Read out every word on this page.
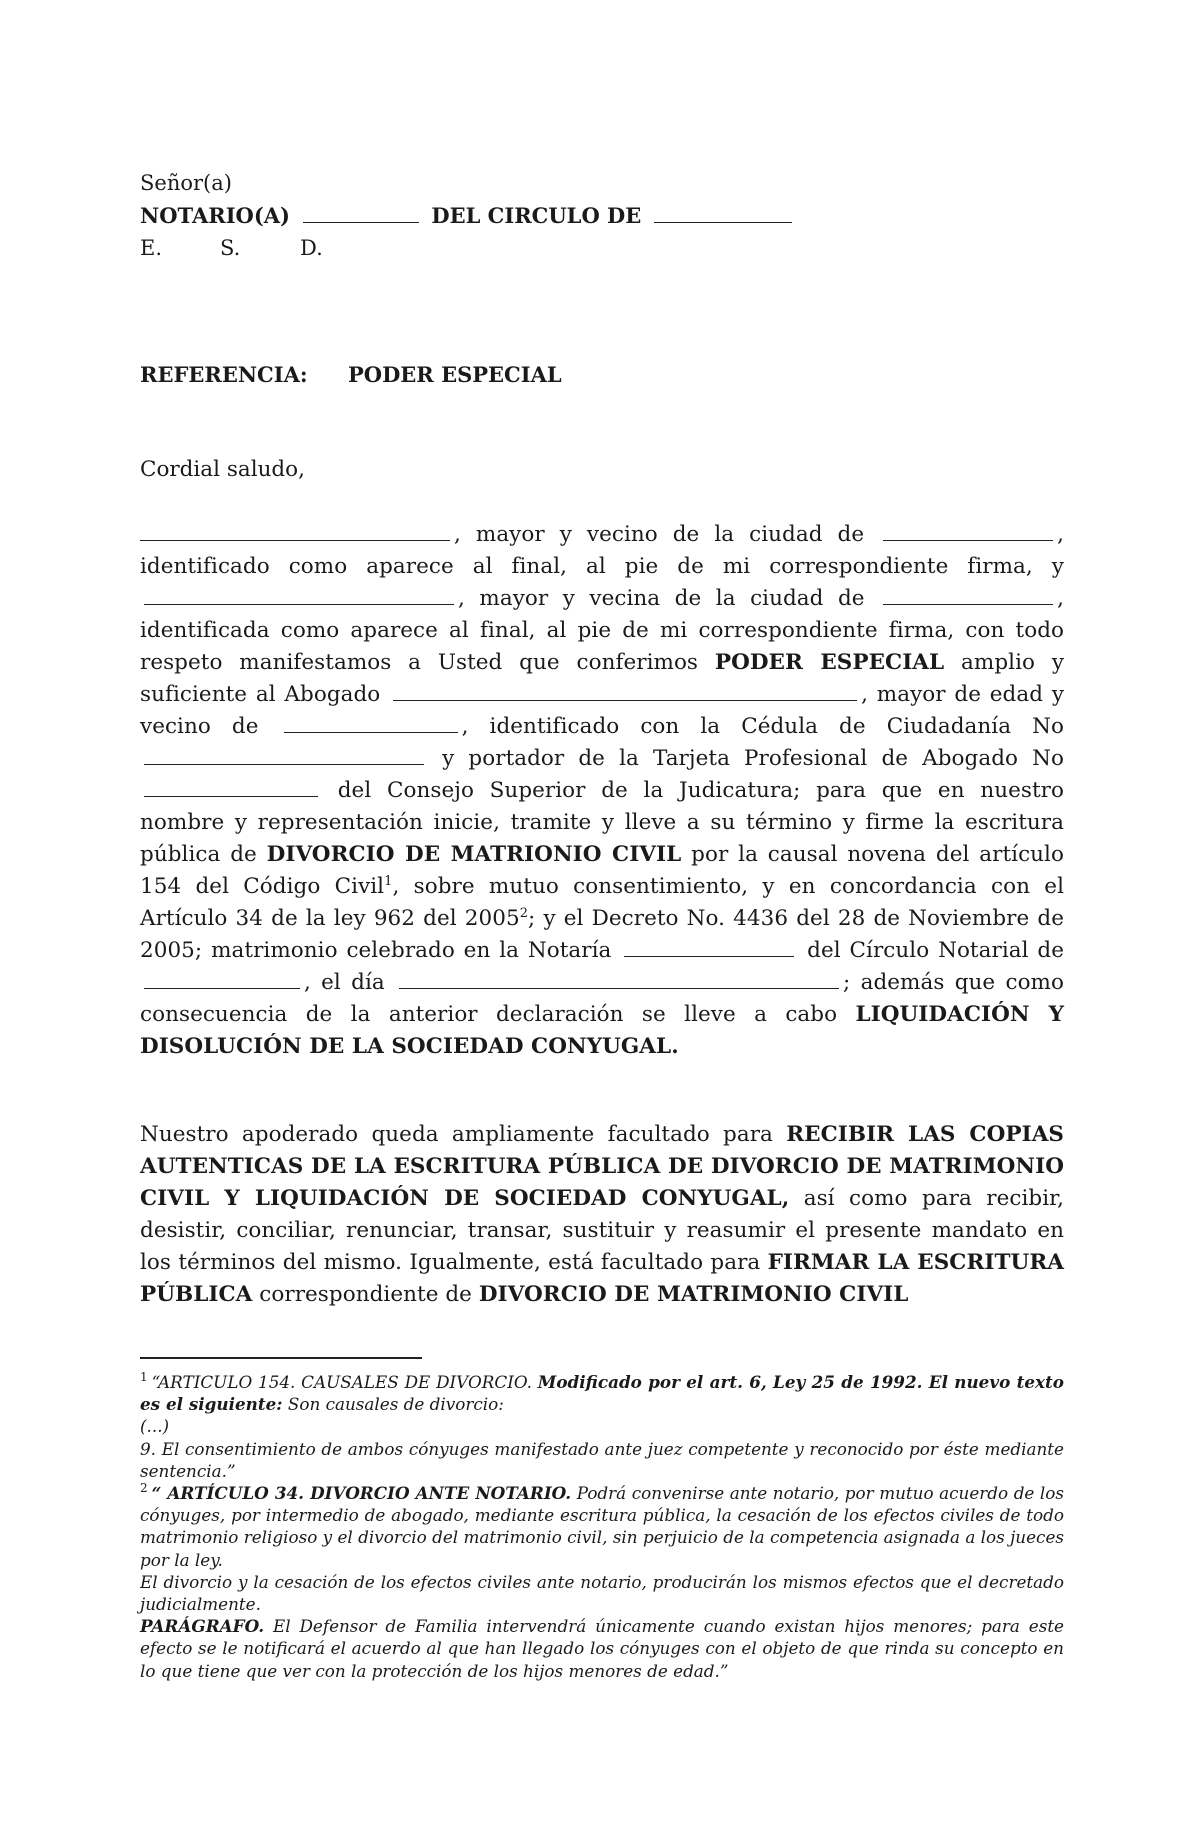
Señor(a)
NOTARIO(A)	DEL CIRCULO DE
E.	S.	D.
REFERENCIA: PODER ESPECIAL
Cordial saludo,
, mayor y vecino de la ciudad de	, identificado como aparece al final, al pie de mi correspondiente firma, y , mayor y vecina de la ciudad de	, identificada como aparece al final, al pie de mi correspondiente firma, con todo respeto manifestamos a Usted que conferimos PODER ESPECIAL amplio y suficiente al Abogado	, mayor de edad y vecino de	, identificado con la Cédula de Ciudadanía No  y portador de la Tarjeta Profesional de Abogado No  del Consejo Superior de la Judicatura; para que en nuestro nombre y representación inicie, tramite y lleve a su término y firme la escritura pública de DIVORCIO DE MATRIONIO CIVIL por la causal novena del artículo 154 del Código Civil$^1$, sobre mutuo consentimiento, y en concordancia con el Artículo 34 de la ley 962 del 2005$^2$; y el Decreto No. 4436 del 28 de Noviembre de 2005; matrimonio celebrado en la Notaría	del Círculo Notarial de , el día	; además que como consecuencia de la anterior declaración se lleve a cabo LIQUIDACIÓN Y DISOLUCIÓN DE LA SOCIEDAD CONYUGAL.
Nuestro apoderado queda ampliamente facultado para RECIBIR LAS COPIAS AUTENTICAS DE LA ESCRITURA PÚBLICA DE DIVORCIO DE MATRIMONIO CIVIL Y LIQUIDACIÓN DE SOCIEDAD CONYUGAL, así como para recibir, desistir, conciliar, renunciar, transar, sustituir y reasumir el presente mandato en los términos del mismo. Igualmente, está facultado para FIRMAR LA ESCRITURA PÚBLICA correspondiente de DIVORCIO DE MATRIMONIO CIVIL

$^1$ “ARTICULO 154. CAUSALES DE DIVORCIO. Modificado por el art. 6, Ley 25 de 1992. El nuevo texto es el siguiente: Son causales de divorcio:

(...)

9. El consentimiento de ambos cónyuges manifestado ante juez competente y reconocido por éste mediante sentencia.”

$^2$ “ ARTÍCULO 34. DIVORCIO ANTE NOTARIO. Podrá convenirse ante notario, por mutuo acuerdo de los cónyuges, por intermedio de abogado, mediante escritura pública, la cesación de los efectos civiles de todo matrimonio religioso y el divorcio del matrimonio civil, sin perjuicio de la competencia asignada a los jueces por la ley.

El divorcio y la cesación de los efectos civiles ante notario, producirán los mismos efectos que el decretado judicialmente.

PARÁGRAFO. El Defensor de Familia intervendrá únicamente cuando existan hijos menores; para este efecto se le notificará el acuerdo al que han llegado los cónyuges con el objeto de que rinda su concepto en lo que tiene que ver con la protección de los hijos menores de edad.”
